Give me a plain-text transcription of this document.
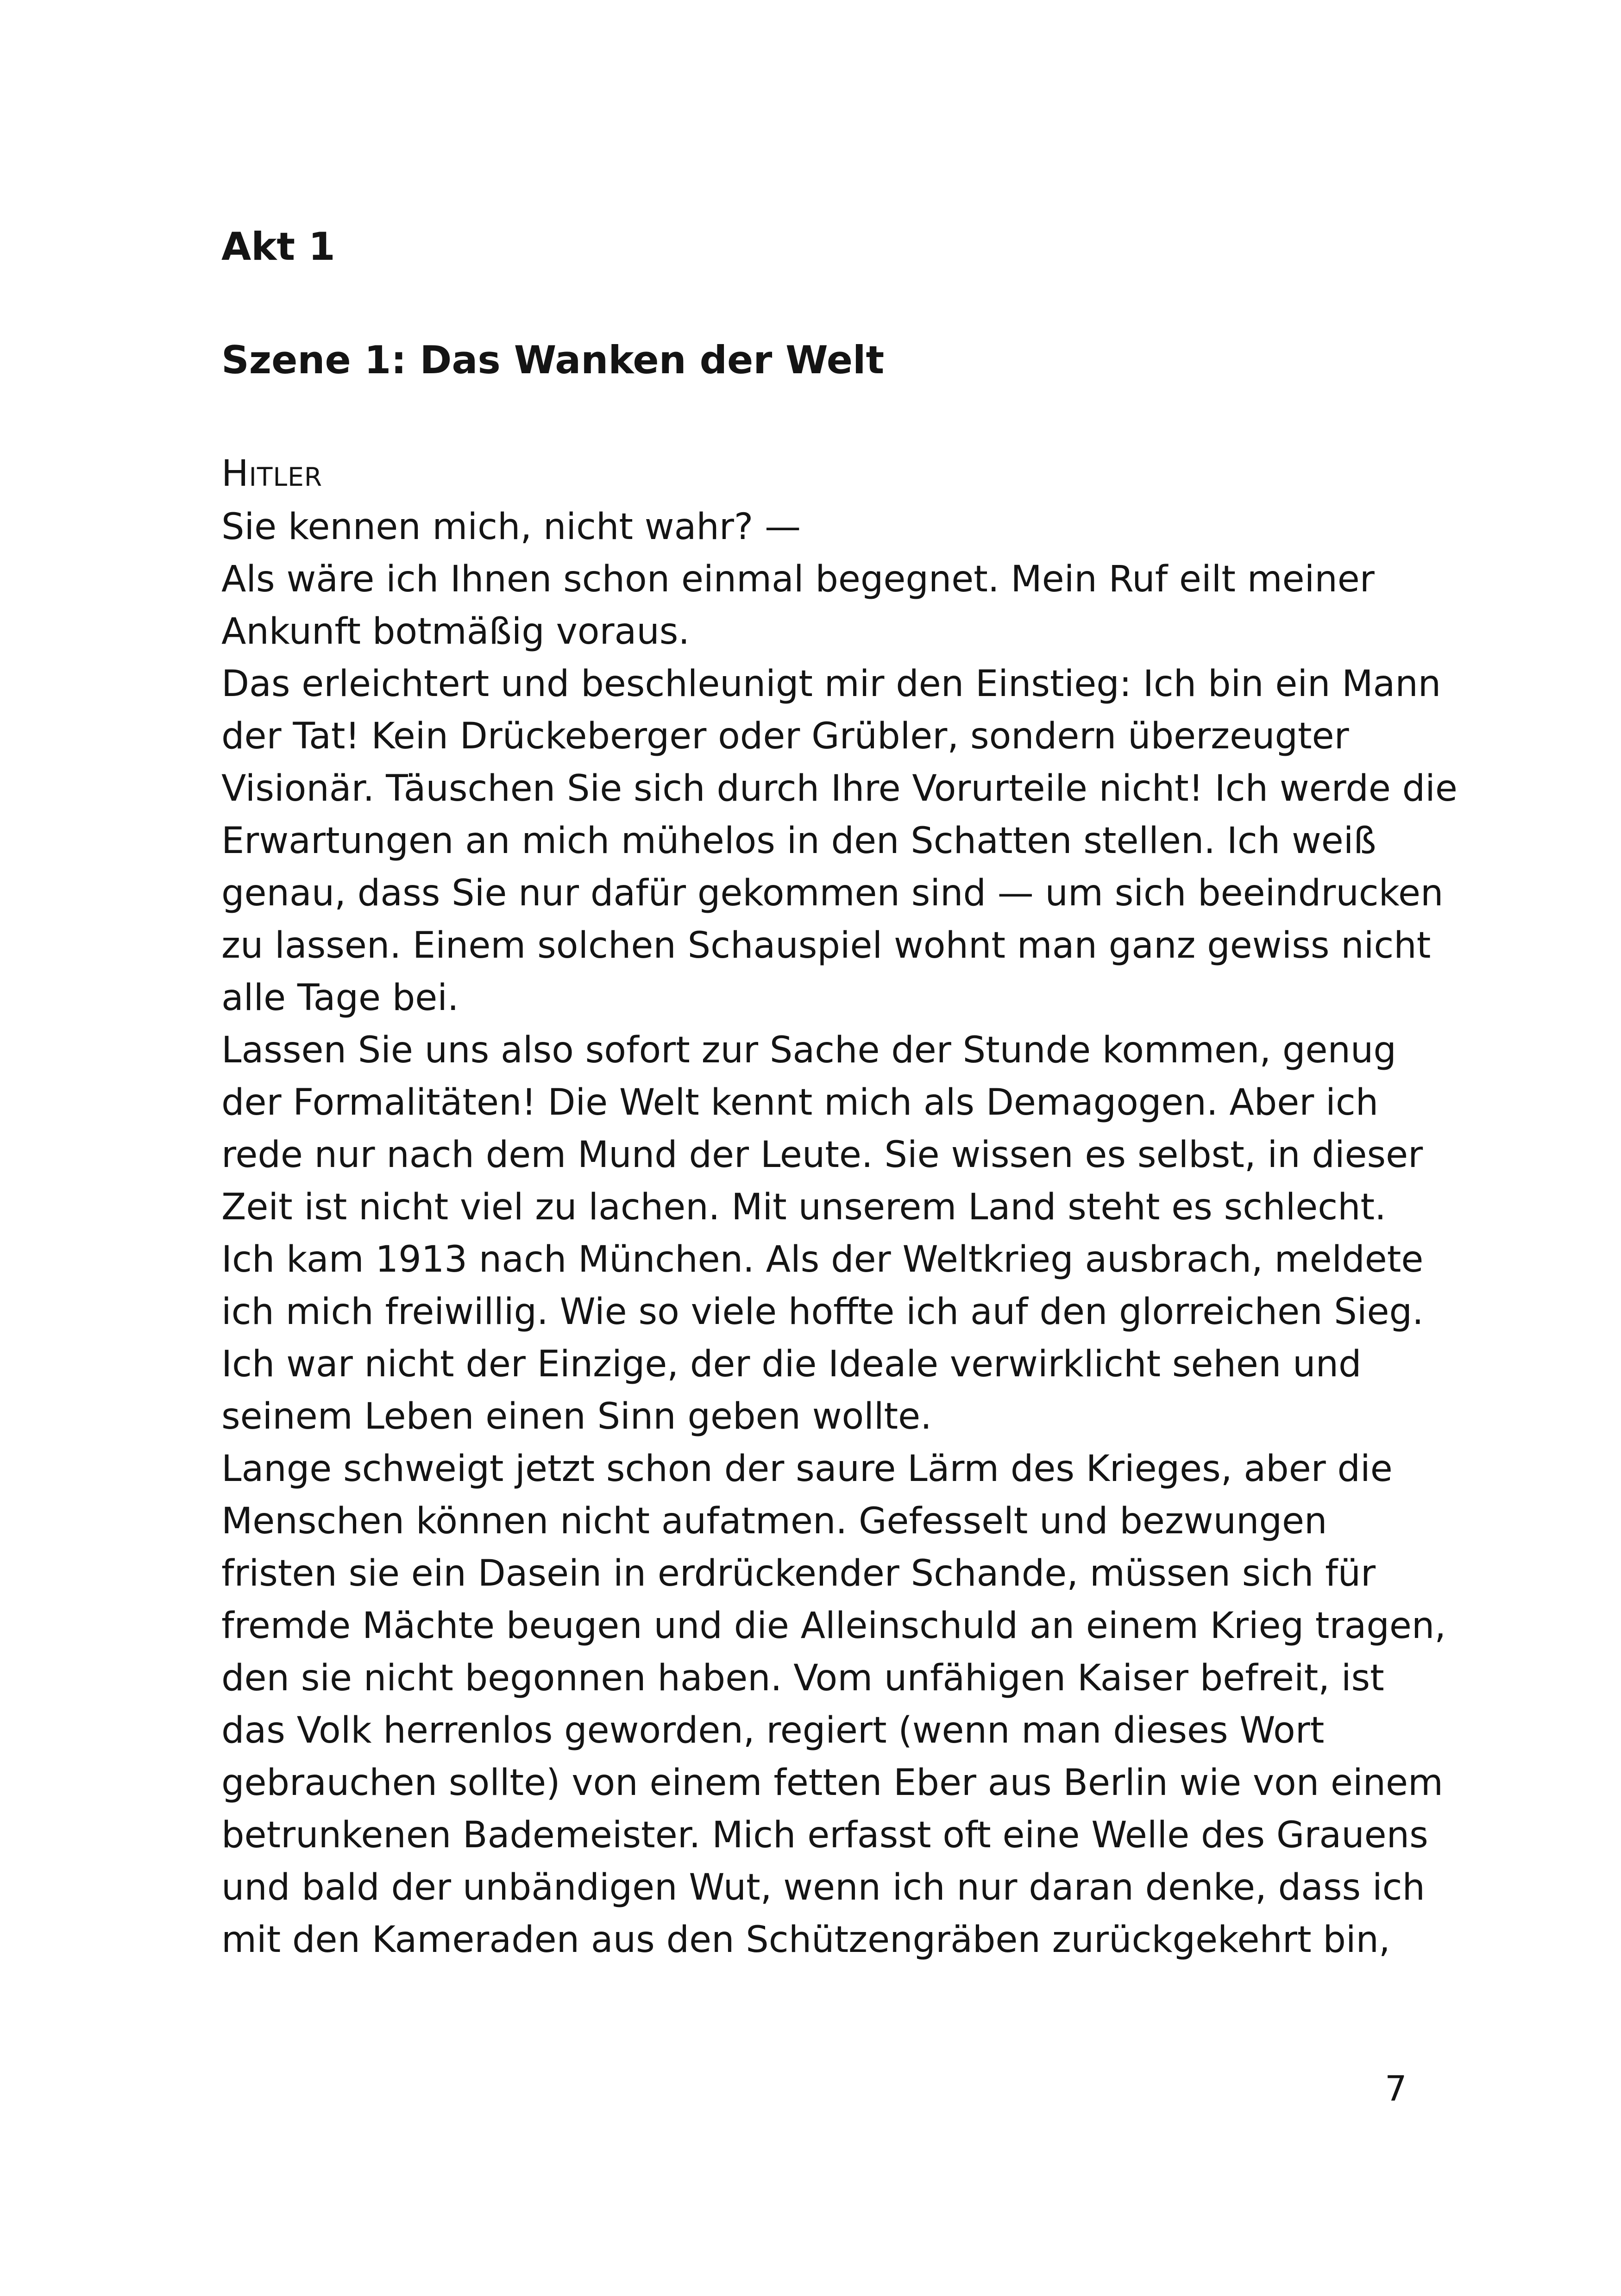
Akt 1
Szene 1: Das Wanken der Welt
Hitler
Sie kennen mich, nicht wahr? —
Als wäre ich Ihnen schon einmal begegnet. Mein Ruf eilt meiner
Ankunft botmäßig voraus.
Das erleichtert und beschleunigt mir den Einstieg: Ich bin ein Mann
der Tat! Kein Drückeberger oder Grübler, sondern überzeugter
Visionär. Täuschen Sie sich durch Ihre Vorurteile nicht! Ich werde die
Erwartungen an mich mühelos in den Schatten stellen. Ich weiß
genau, dass Sie nur dafür gekommen sind — um sich beeindrucken
zu lassen. Einem solchen Schauspiel wohnt man ganz gewiss nicht
alle Tage bei.
Lassen Sie uns also sofort zur Sache der Stunde kommen, genug
der Formalitäten! Die Welt kennt mich als Demagogen. Aber ich
rede nur nach dem Mund der Leute. Sie wissen es selbst, in dieser
Zeit ist nicht viel zu lachen. Mit unserem Land steht es schlecht.
Ich kam 1913 nach München. Als der Weltkrieg ausbrach, meldete
ich mich freiwillig. Wie so viele hoffte ich auf den glorreichen Sieg.
Ich war nicht der Einzige, der die Ideale verwirklicht sehen und
seinem Leben einen Sinn geben wollte.
Lange schweigt jetzt schon der saure Lärm des Krieges, aber die
Menschen können nicht aufatmen. Gefesselt und bezwungen
fristen sie ein Dasein in erdrückender Schande, müssen sich für
fremde Mächte beugen und die Alleinschuld an einem Krieg tragen,
den sie nicht begonnen haben. Vom unfähigen Kaiser befreit, ist
das Volk herrenlos geworden, regiert (wenn man dieses Wort
gebrauchen sollte) von einem fetten Eber aus Berlin wie von einem
betrunkenen Bademeister. Mich erfasst oft eine Welle des Grauens
und bald der unbändigen Wut, wenn ich nur daran denke, dass ich
mit den Kameraden aus den Schützengräben zurückgekehrt bin,
7
